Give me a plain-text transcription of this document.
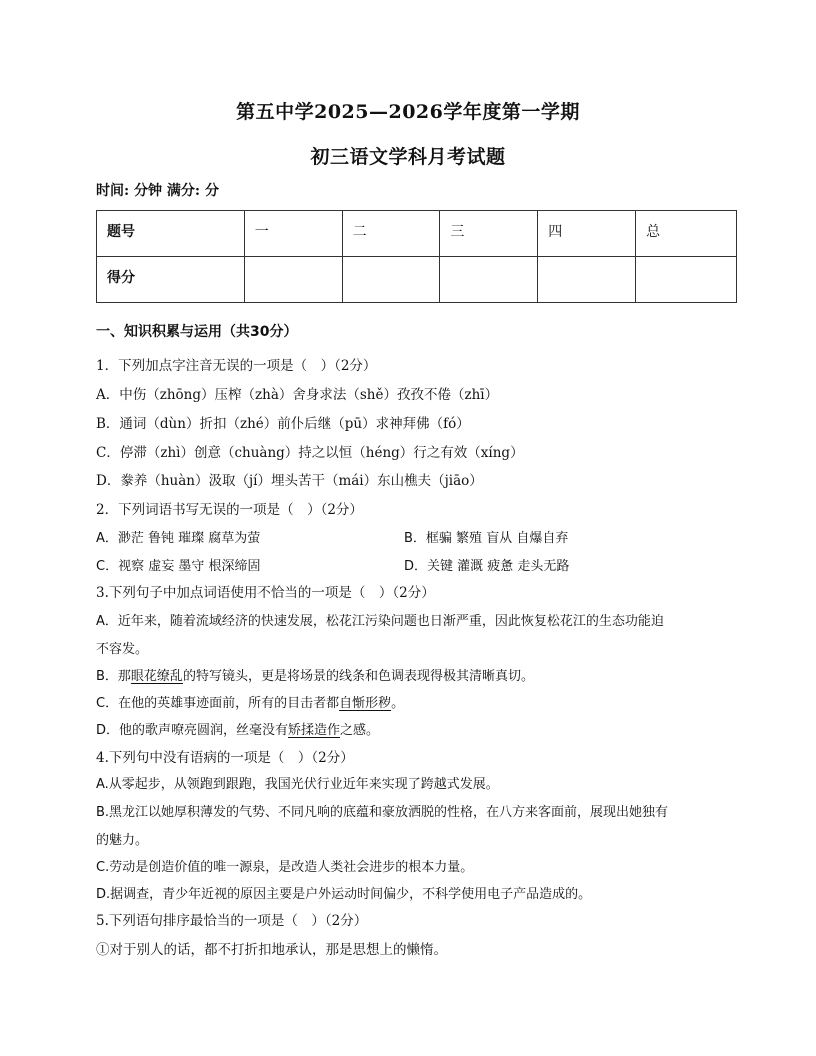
第五中学2025—2026学年度第一学期
初三语文学科月考试题
时间: 分钟 满分: 分
题号	一	二	三	四	总
得分					
一、知识积累与运用（共30分）
1．下列加点字注音无误的一项是（　）（2分）
A．中伤（zhōng）压榨（zhà）舍身求法（shě）孜孜不倦（zhī）
B．通词（dùn）折扣（zhé）前仆后继（pū）求神拜佛（fó）
C．停滞（zhì）创意（chuàng）持之以恒（héng）行之有效（xíng）
D．豢养（huàn）汲取（jí）埋头苦干（mái）东山樵夫（jiāo）
2．下列词语书写无误的一项是（　）（2分）
A．渺茫 鲁钝 璀璨 腐草为萤	B．框骗 繁殖 盲从 自爆自弃
C．视察 虚妄 墨守 根深缔固	D．关键 灌溉 疲惫 走头无路
3.下列句子中加点词语使用不恰当的一项是（　）（2分）
A．近年来，随着流域经济的快速发展，松花江污染问题也日渐严重，因此恢复松花江的生态功能迫
不容发。
B．那眼花缭乱的特写镜头，更是将场景的线条和色调表现得极其清晰真切。
C．在他的英雄事迹面前，所有的目击者都自惭形秽。
D．他的歌声嘹亮圆润，丝毫没有矫揉造作之感。
4.下列句中没有语病的一项是（　）（2分）
A.从零起步，从领跑到跟跑，我国光伏行业近年来实现了跨越式发展。
B.黑龙江以她厚积薄发的气势、不同凡响的底蕴和豪放洒脱的性格，在八方来客面前，展现出她独有
的魅力。
C.劳动是创造价值的唯一源泉，是改造人类社会进步的根本力量。
D.据调查，青少年近视的原因主要是户外运动时间偏少，不科学使用电子产品造成的。
5.下列语句排序最恰当的一项是（　）（2分）
①对于别人的话，都不打折扣地承认，那是思想上的懒惰。
